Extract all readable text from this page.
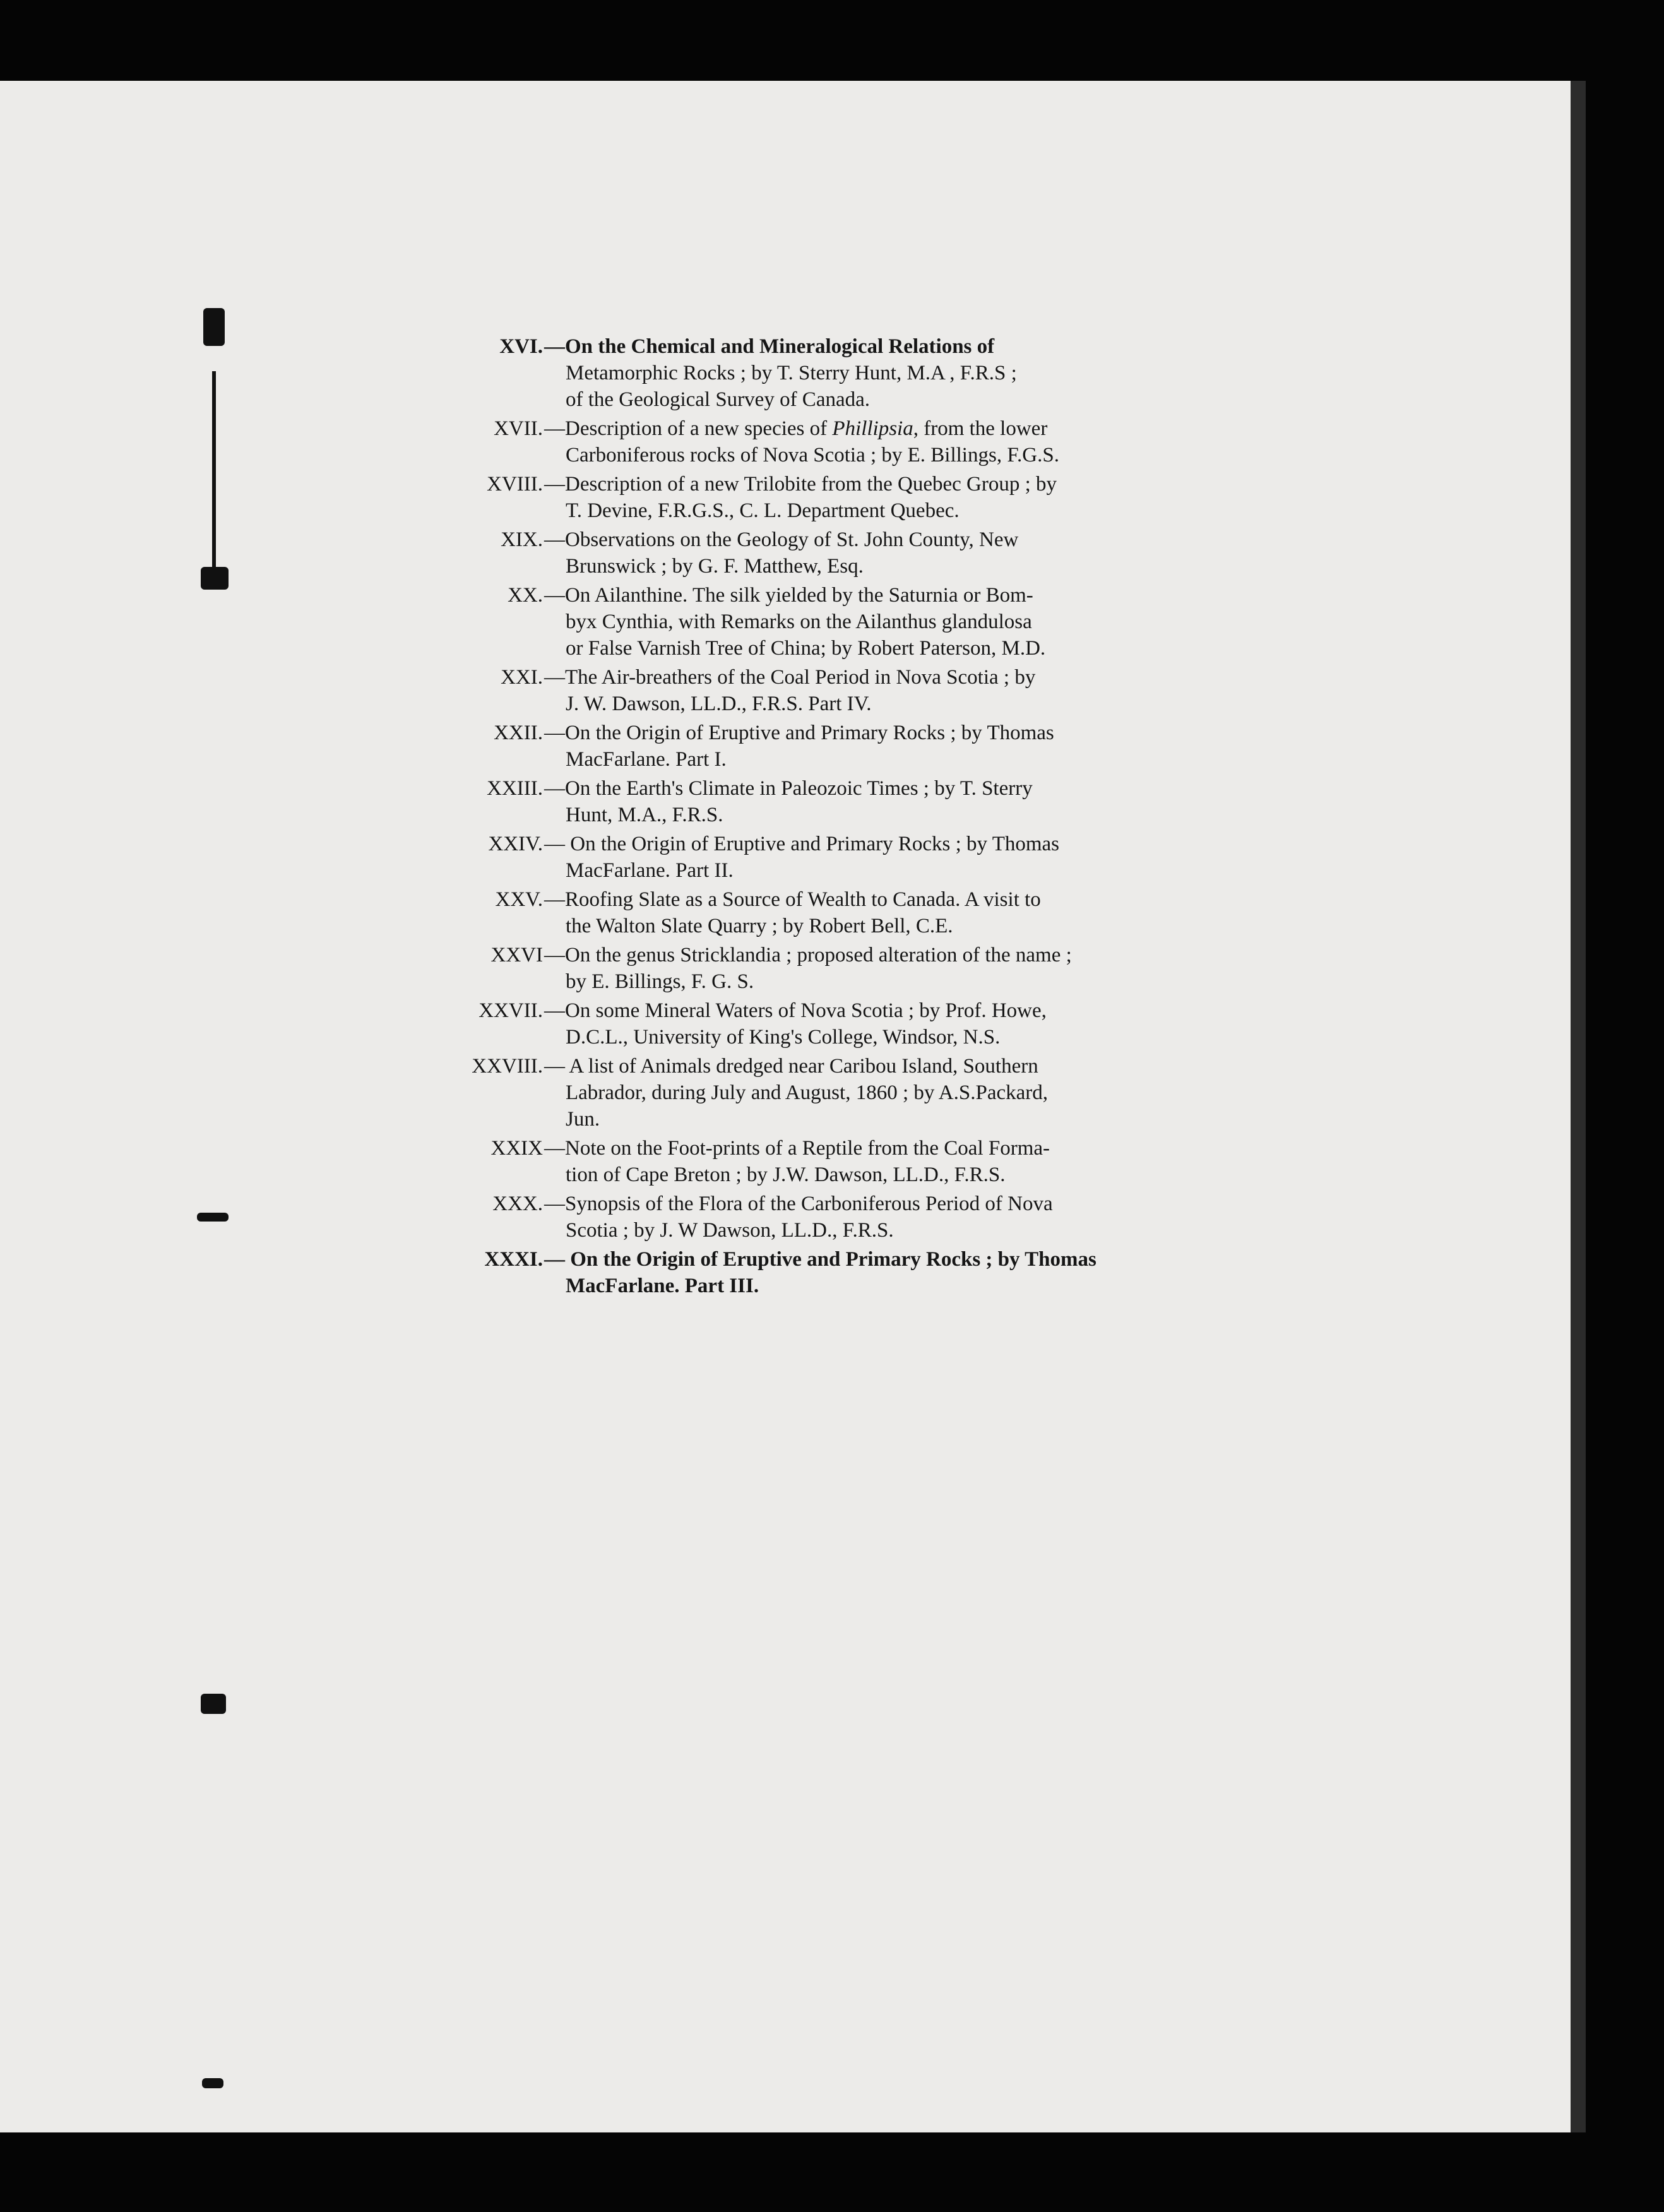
XVI. —On the Chemical and Mineralogical Relations of
Metamorphic Rocks ; by T. Sterry Hunt, M.A , F.R.S ;
of the Geological Survey of Canada.
XVII. —Description of a new species of Phillipsia, from the lower
Carboniferous rocks of Nova Scotia ; by E. Billings, F.G.S.
XVIII. —Description of a new Trilobite from the Quebec Group ; by
T. Devine, F.R.G.S., C. L. Department Quebec.
XIX. —Observations on the Geology of St. John County, New
Brunswick ; by G. F. Matthew, Esq.
XX. —On Ailanthine. The silk yielded by the Saturnia or Bom-
byx Cynthia, with Remarks on the Ailanthus glandulosa
or False Varnish Tree of China; by Robert Paterson, M.D.
XXI. —The Air-breathers of the Coal Period in Nova Scotia ; by
J. W. Dawson, LL.D., F.R.S. Part IV.
XXII. —On the Origin of Eruptive and Primary Rocks ; by Thomas
MacFarlane. Part I.
XXIII. —On the Earth's Climate in Paleozoic Times ; by T. Sterry
Hunt, M.A., F.R.S.
XXIV. — On the Origin of Eruptive and Primary Rocks ; by Thomas
MacFarlane. Part II.
XXV. —Roofing Slate as a Source of Wealth to Canada. A visit to
the Walton Slate Quarry ; by Robert Bell, C.E.
XXVI —On the genus Stricklandia ; proposed alteration of the name ;
by E. Billings, F. G. S.
XXVII. —On some Mineral Waters of Nova Scotia ; by Prof. Howe,
D.C.L., University of King's College, Windsor, N.S.
XXVIII. — A list of Animals dredged near Caribou Island, Southern
Labrador, during July and August, 1860 ; by A.S.Packard,
Jun.
XXIX —Note on the Foot-prints of a Reptile from the Coal Forma-
tion of Cape Breton ; by J.W. Dawson, LL.D., F.R.S.
XXX. —Synopsis of the Flora of the Carboniferous Period of Nova
Scotia ; by J. W Dawson, LL.D., F.R.S.
XXXI. — On the Origin of Eruptive and Primary Rocks ; by Thomas
MacFarlane. Part III.
